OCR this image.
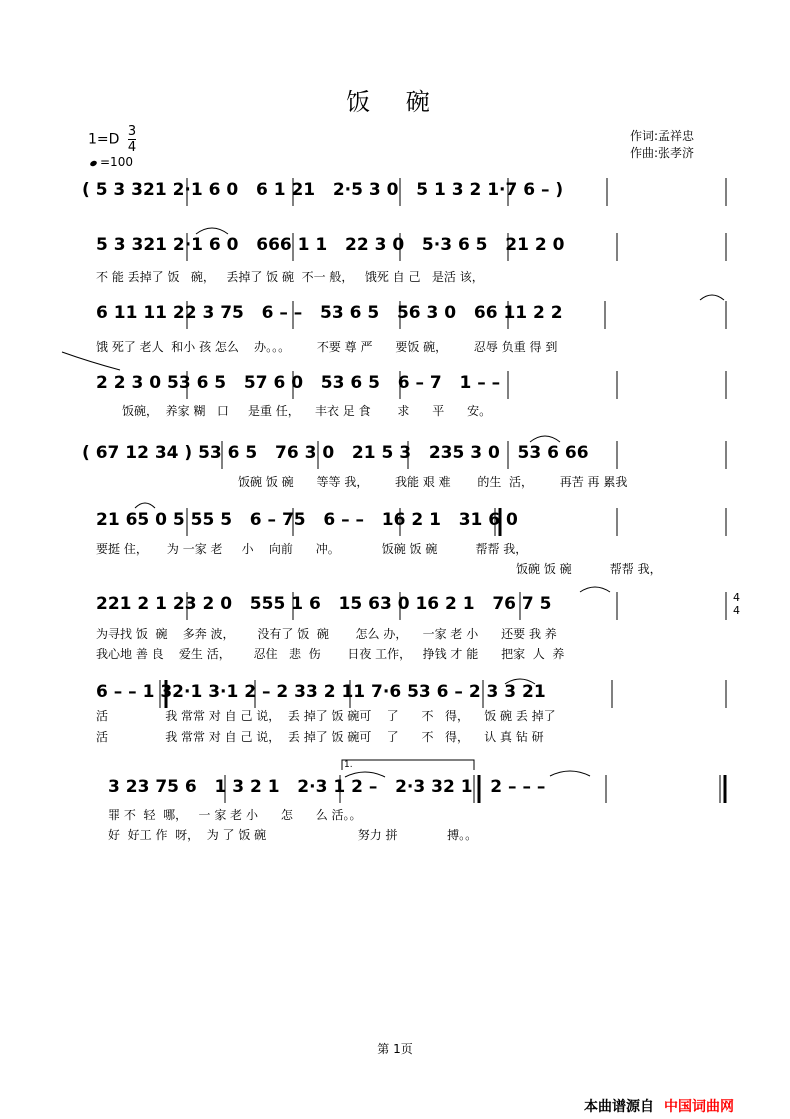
饭 碗
$1=D \frac{3}{4}$
=100
作词:孟祥忠
作曲:张孝济
4
4
1.
( 5 3 321 2·1 6 0   6 1 21   2·5 3 0   5 1 3 2 1·7 6 – )
5 3 321 2·1 6 0   666 1 1   22 3 0   5·3 6 5   21 2 0
不 能 丢掉了 饭   碗，   丢掉了 饭 碗  不一 般，   饿死 自 己   是活 该，
6 11 11 22 3 75   6 – –   53 6 5   56 3 0   66 11 2 2
饿 死了 老人  和小 孩 怎么    办。。。       不要 尊 严      要饭 碗，       忍辱 负重 得 到
2 2 3 0 53 6 5   57 6 0   53 6 5   6 – 7   1 – –
饭碗，  养家 糊   口     是重 任，    丰衣 足 食       求      平      安。
( 67 12 34 ) 53 6 5   76 3 0   21 5 3   235 3 0   53 6 66
饭碗 饭 碗      等等 我，       我能 艰 难       的生  活，       再苦 再 累我
21 65 0 5 55 5   6 – 75   6 – –   16 2 1   31 6 0
要挺 住，     为 一家 老     小    向前      冲。           饭碗 饭 碗          帮帮 我，
饭碗 饭 碗          帮帮 我，
221 2 1 23 2 0   555 1 6   15 63 0 16 2 1   76 7 5
为寻找 饭  碗    多奔 波，      没有了 饭  碗       怎么 办，    一家 老 小      还要 我 养
我心地 善 良    爱生 活，      忍住   悲  伤       日夜 工作，   挣钱 才 能      把家  人  养
6 – – 1 32·1 3·1 2 – 2 33 2 11 7·6 53 6 – 2 3 3 21
活               我 常常 对 自 己 说，  丢 掉了 饭 碗可    了      不   得，    饭 碗 丢 掉了
活               我 常常 对 自 己 说，  丢 掉了 饭 碗可    了      不   得，    认 真 钻 研
3 23 75 6   1 3 2 1   2·3 1 2 –   2·3 32 1   2 – – –
罪 不  轻  哪，   一 家 老 小      怎      么 活。。
好  好工 作  呀，  为 了 饭 碗                        努力 拼             搏。。
第 1页
本曲谱源自 中国词曲网
